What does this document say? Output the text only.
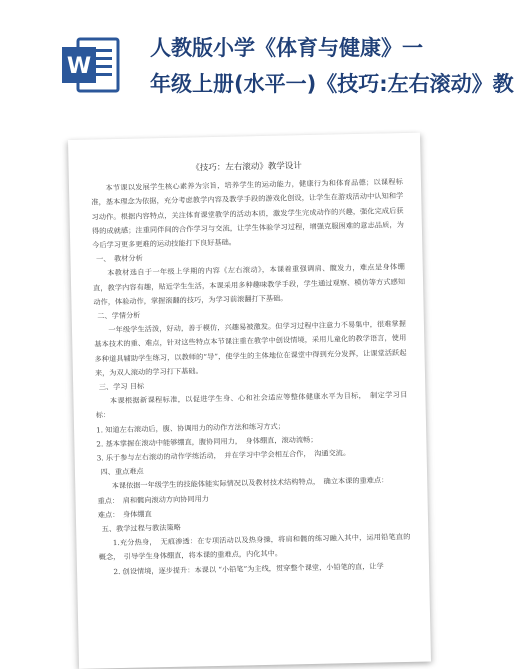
W
人教版小学《体育与健康》一
年级上册(水平一)《技巧:左右滚动》教
《技巧：左右滚动》教学设计

本节课以发展学生核心素养为宗旨，培养学生的运动能力，健康行为和体育品德；以课程标准，基本理念为依据，充分考虑教学内容及教学手段的游戏化创设，让学生在游戏活动中认知和学习动作。根据内容特点，关注体育课堂教学的活动本质，激发学生完成动作的兴趣，强化完成后获得的成就感；注重同伴间的合作学习与交流，让学生体验学习过程，增强克服困难的意志品质，为今后学习更多更难的运动技能打下良好基础。

一、　教材分析

本教材选自于一年级上学期的内容《左右滚动》，本课着重强调肩、髋发力，难点是身体绷直，教学内容有趣，贴近学生生活，本课采用多种趣味教学手段，学生通过观察、模仿等方式感知动作，体验动作，掌握滚翻的技巧，为学习前滚翻打下基础。

二、学情分析

一年级学生活泼，好动，善于模仿，兴趣易被激发。但学习过程中注意力不易集中，很难掌握基本技术的重、难点，针对这些特点本节课注重在教学中创设情境，采用儿童化的教学语言，使用多种道具辅助学生练习，以教师的“导”，使学生的主体地位在课堂中得到充分发挥，让课堂活跃起来，为双人滚动的学习打下基础。

三、学习 目标

本课根据新课程标准，以促进学生身、心和社会适应等整体健康水平为目标，　制定学习目标：

1. 知道左右滚动后，腹、协调用力的动作方法和练习方式；

2. 基本掌握在滚动中能够绷直，腹协同用力，　身体绷直，滚动流畅；

3. 乐于参与左右滚动的动作学练活动，　并在学习中学会相互合作，　沟通交流。

四、重点难点

本课依据一年级学生的技能体能实际情况以及教材技术结构特点，　确立本课的重难点：

重点：　肩和髋向滚动方向协同用力

难点：　身体绷直

五、教学过程与教法策略

1.充分热身，　无痕渗透：在专项活动以及热身操，将肩和髋的练习融入其中，运用铅笔直的概念，　引导学生身体绷直，将本课的重难点，内化其中。

2. 创设情境，逐步提升：本课以 “小铅笔”为主线，贯穿整个课堂，小铅笔的直，让学
